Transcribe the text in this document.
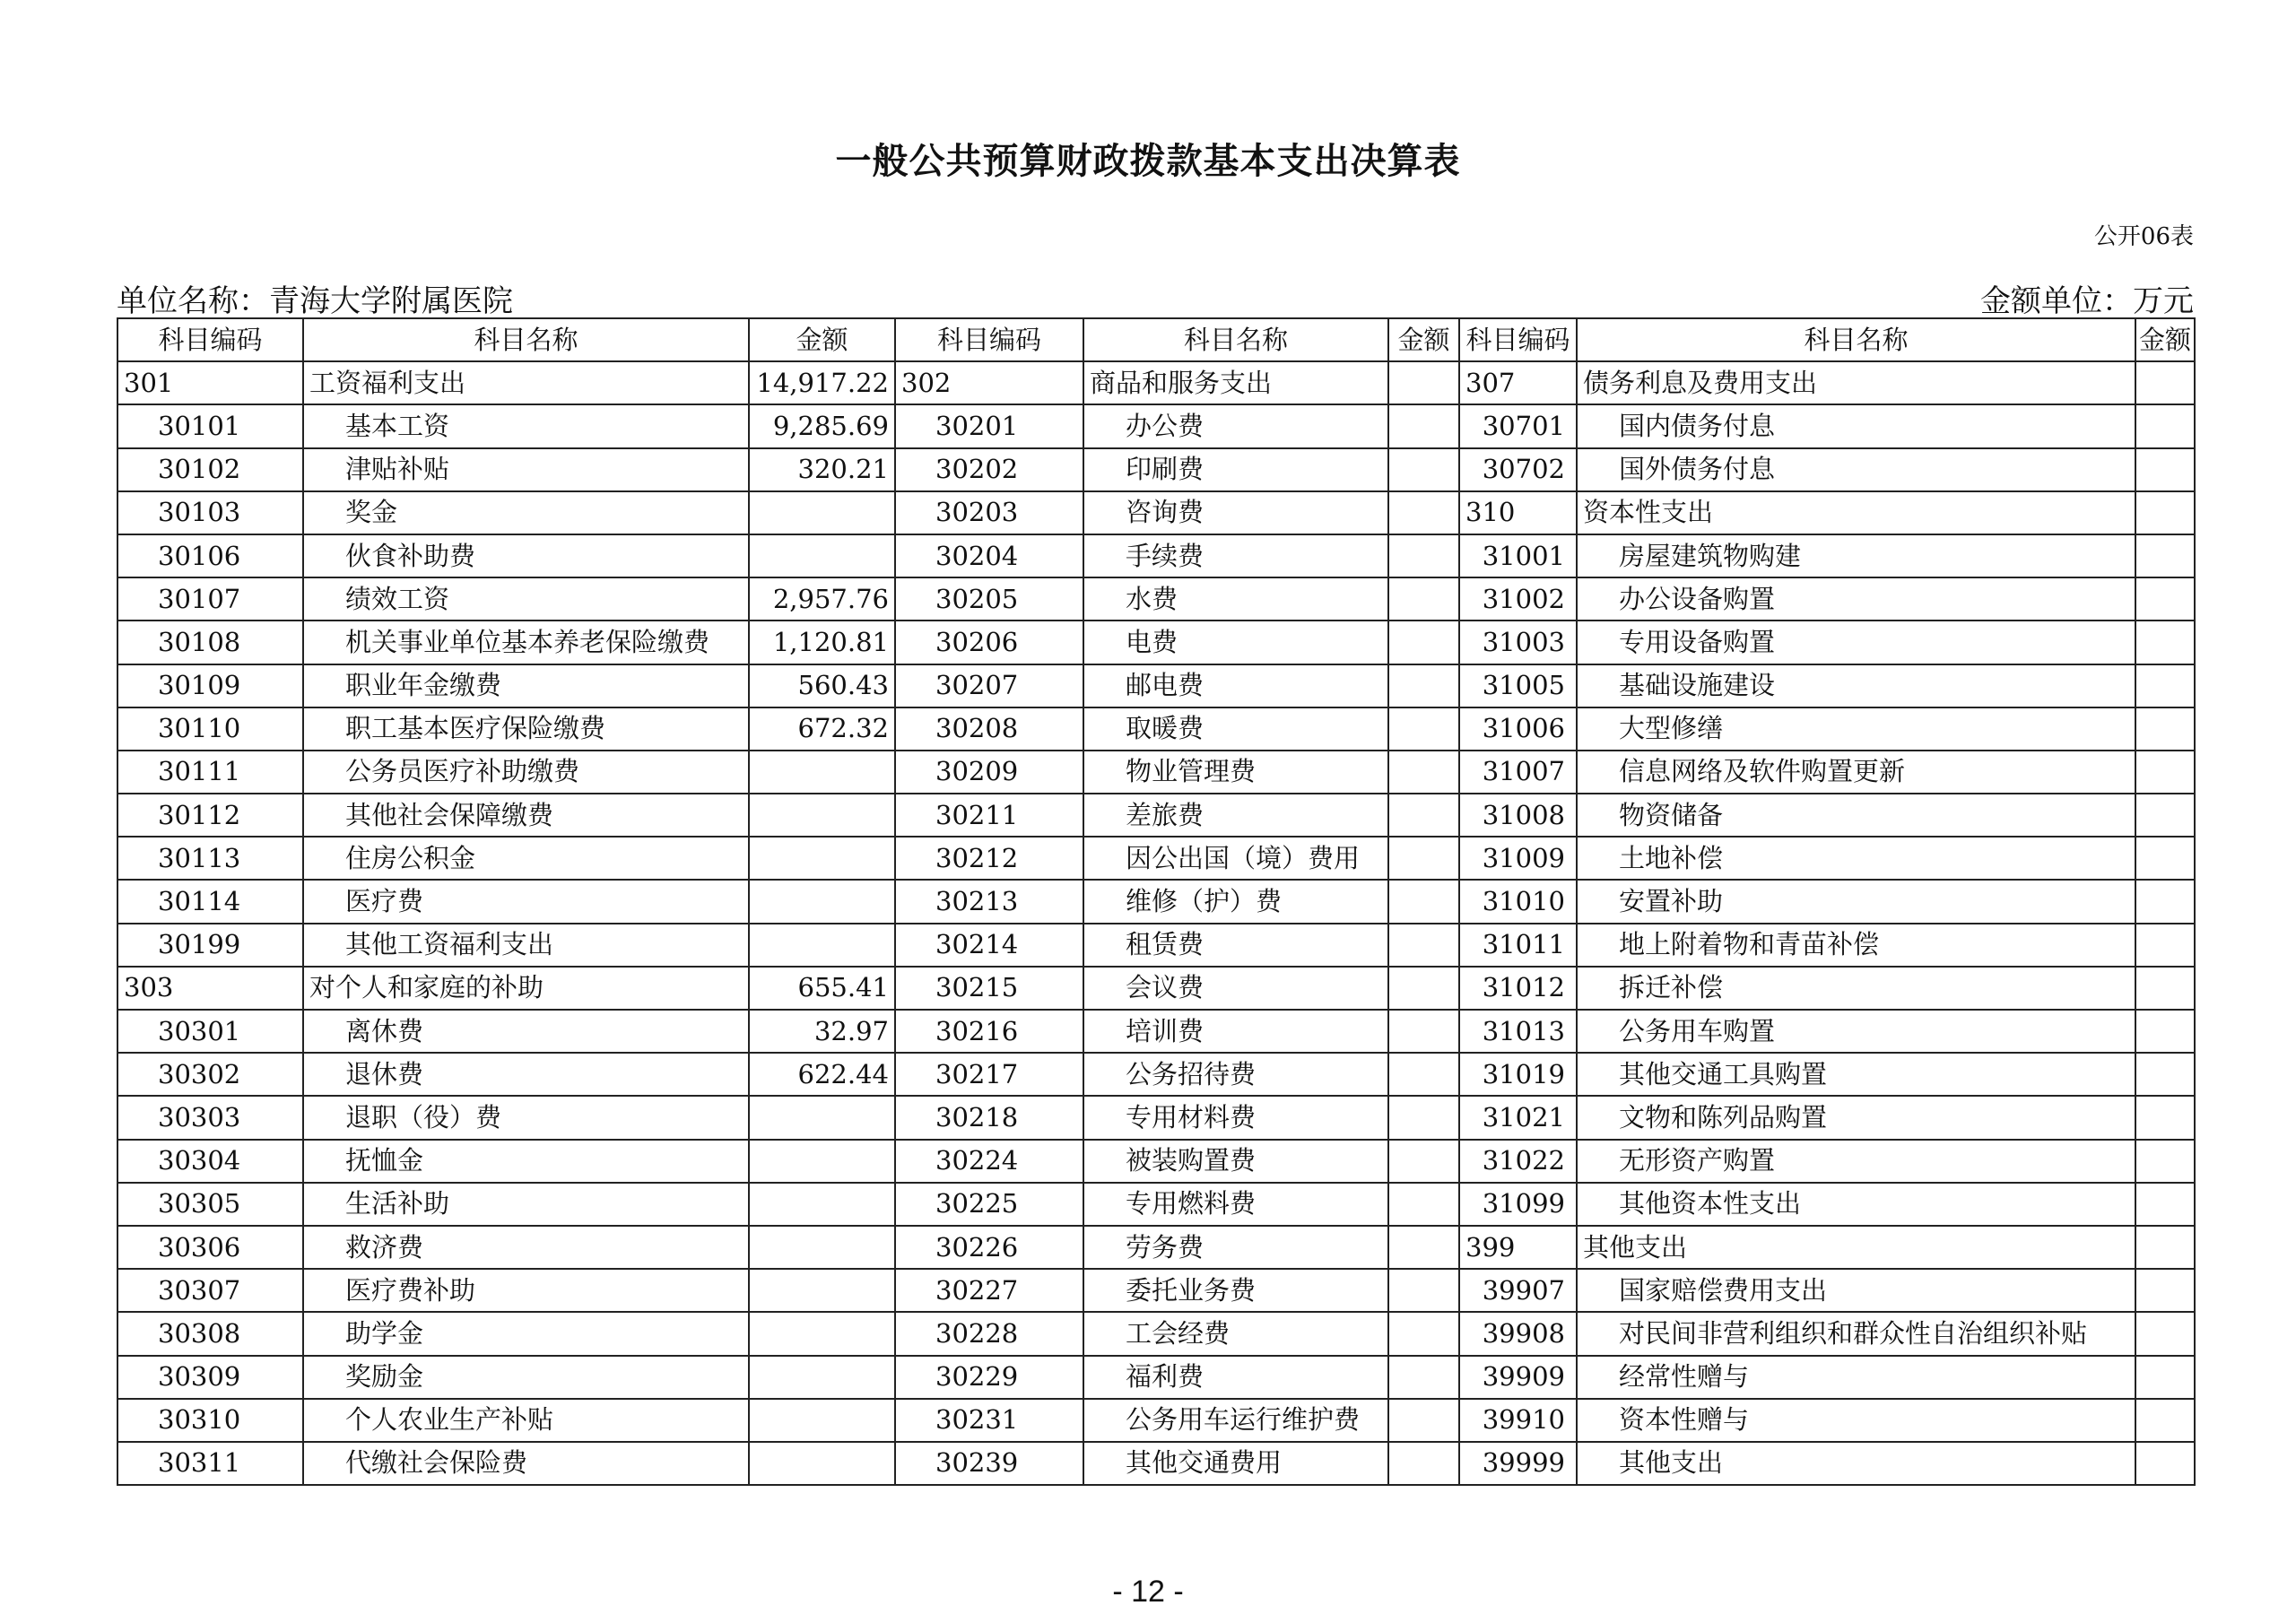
一般公共预算财政拨款基本支出决算表
公开06表
单位名称：青海大学附属医院	金额单位：万元
科目编码	科目名称	金额	科目编码	科目名称	金额	科目编码	科目名称	金额
301	工资福利支出	14,917.22	302	商品和服务支出		307	债务利息及费用支出	
30101	基本工资	9,285.69	30201	办公费		30701	国内债务付息	
30102	津贴补贴	320.21	30202	印刷费		30702	国外债务付息	
30103	奖金		30203	咨询费		310	资本性支出	
30106	伙食补助费		30204	手续费		31001	房屋建筑物购建	
30107	绩效工资	2,957.76	30205	水费		31002	办公设备购置	
30108	机关事业单位基本养老保险缴费	1,120.81	30206	电费		31003	专用设备购置	
30109	职业年金缴费	560.43	30207	邮电费		31005	基础设施建设	
30110	职工基本医疗保险缴费	672.32	30208	取暖费		31006	大型修缮	
30111	公务员医疗补助缴费		30209	物业管理费		31007	信息网络及软件购置更新	
30112	其他社会保障缴费		30211	差旅费		31008	物资储备	
30113	住房公积金		30212	因公出国（境）费用		31009	土地补偿	
30114	医疗费		30213	维修（护）费		31010	安置补助	
30199	其他工资福利支出		30214	租赁费		31011	地上附着物和青苗补偿	
303	对个人和家庭的补助	655.41	30215	会议费		31012	拆迁补偿	
30301	离休费	32.97	30216	培训费		31013	公务用车购置	
30302	退休费	622.44	30217	公务招待费		31019	其他交通工具购置	
30303	退职（役）费		30218	专用材料费		31021	文物和陈列品购置	
30304	抚恤金		30224	被装购置费		31022	无形资产购置	
30305	生活补助		30225	专用燃料费		31099	其他资本性支出	
30306	救济费		30226	劳务费		399	其他支出	
30307	医疗费补助		30227	委托业务费		39907	国家赔偿费用支出	
30308	助学金		30228	工会经费		39908	对民间非营利组织和群众性自治组织补贴	
30309	奖励金		30229	福利费		39909	经常性赠与	
30310	个人农业生产补贴		30231	公务用车运行维护费		39910	资本性赠与	
30311	代缴社会保险费		30239	其他交通费用		39999	其他支出	
- 12 -
